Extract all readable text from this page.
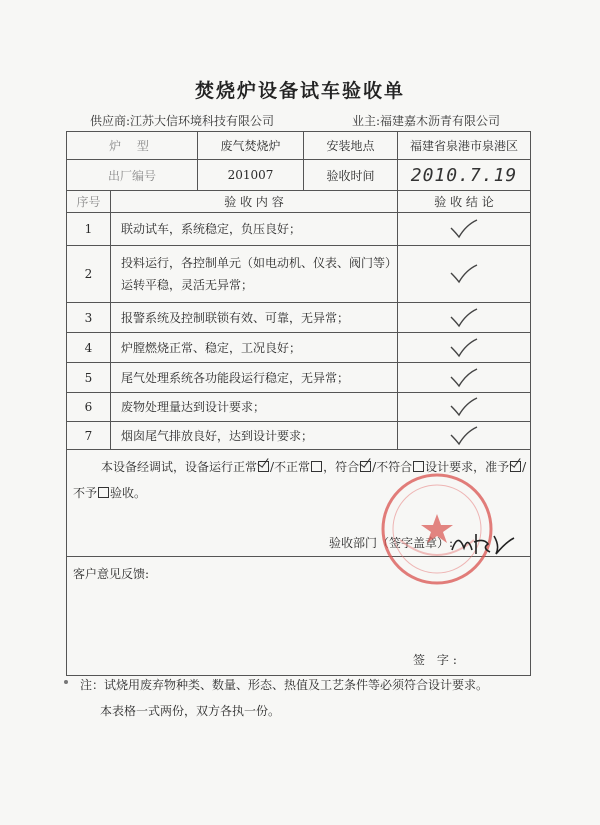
焚烧炉设备试车验收单
供应商:江苏大信环境科技有限公司	业主:福建嘉木沥青有限公司
炉 型		废气焚烧炉	安装地点	福建省泉港市泉港区
出厂编号		201007	验收时间	2010.7.19
序号	验 收 内 容			验 收 结 论
1	联动试车，系统稳定，负压良好；	

2	投料运行，各控制单元（如电动机、仪表、阀门等）运转平稳，灵活无异常；	

3	报警系统及控制联锁有效、可靠，无异常；	

4	炉膛燃烧正常、稳定，工况良好；	

5	尾气处理系统各功能段运行稳定，无异常；	

6	废物处理量达到设计要求；	

7	烟囱尾气排放良好，达到设计要求；	

本设备经调试，设备运行正常 /不正常 ，符合 /不符合 设计要求，准予 /
不予 验收。
验收部门（签字盖章）:				

客户意见反馈:
签 字:				
注：试烧用废弃物种类、数量、形态、热值及工艺条件等必须符合设计要求。
本表格一式两份，双方各执一份。
